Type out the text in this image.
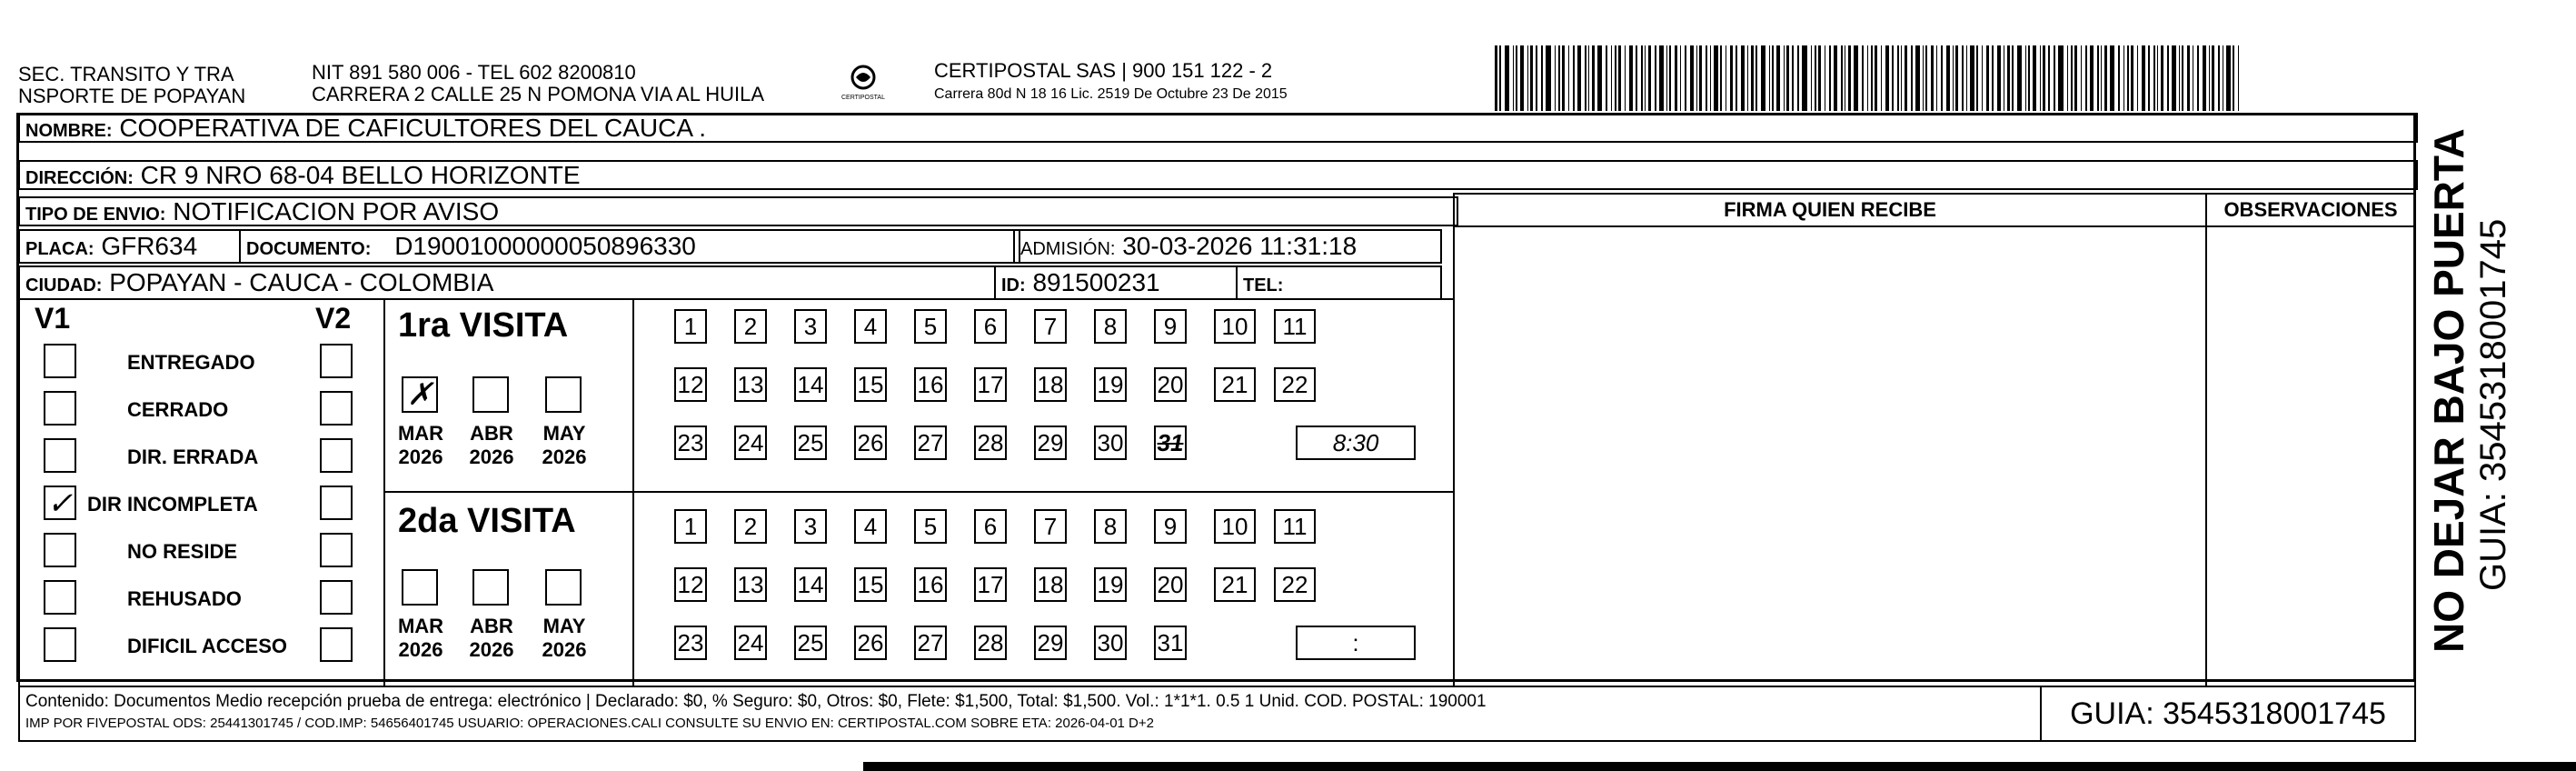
SEC. TRANSITO Y TRA
NSPORTE DE POPAYAN
NIT 891 580 006 - TEL 602 8200810
CARRERA 2 CALLE 25 N POMONA VIA AL HUILA	CERTIPOSTAL
CERTIPOSTAL SAS | 900 151 122 - 2
Carrera 80d N 18 16 Lic. 2519 De Octubre 23 De 2015
NOMBRE: COOPERATIVA DE CAFICULTORES DEL CAUCA .
DIRECCIÓN: CR 9 NRO 68-04 BELLO HORIZONTE
TIPO DE ENVIO: NOTIFICACION POR AVISO
PLACA: GFR634	DOCUMENTO: D19001000000050896330	ADMISIÓN: 30-03-2026 11:31:18
CIUDAD: POPAYAN - CAUCA - COLOMBIA	ID: 891500231	TEL:
FIRMA QUIEN RECIBE	OBSERVACIONES
V1	V2
ENTREGADO
CERRADO
DIR. ERRADA
✓ DIR INCOMPLETA
NO RESIDE
REHUSADO
DIFICIL ACCESO
1ra VISITA
✗
MAR
2026
ABR
2026
MAY
2026
1	2	3	4	5	6	7	8	9	10	11
12 13 14 15 16 17 18 19 20	21	22
23 24 25 26 27 28 29 30 31	8:30
2da VISITA
MAR
2026
ABR
2026
MAY
2026
1	2	3	4	5	6	7	8	9	10	11
12 13 14 15 16 17 18 19 20	21	22
23 24 25 26 27 28 29 30 31	:
Contenido: Documentos Medio recepción prueba de entrega: electrónico | Declarado: $0, % Seguro: $0, Otros: $0, Flete: $1,500, Total: $1,500. Vol.: 1*1*1. 0.5 1 Unid. COD. POSTAL: 190001
IMP POR FIVEPOSTAL ODS: 25441301745 / COD.IMP: 54656401745 USUARIO: OPERACIONES.CALI CONSULTE SU ENVIO EN: CERTIPOSTAL.COM SOBRE ETA: 2026-04-01 D+2	GUIA: 3545318001745
NO DEJAR BAJO PUERTA GUIA: 3545318001745
